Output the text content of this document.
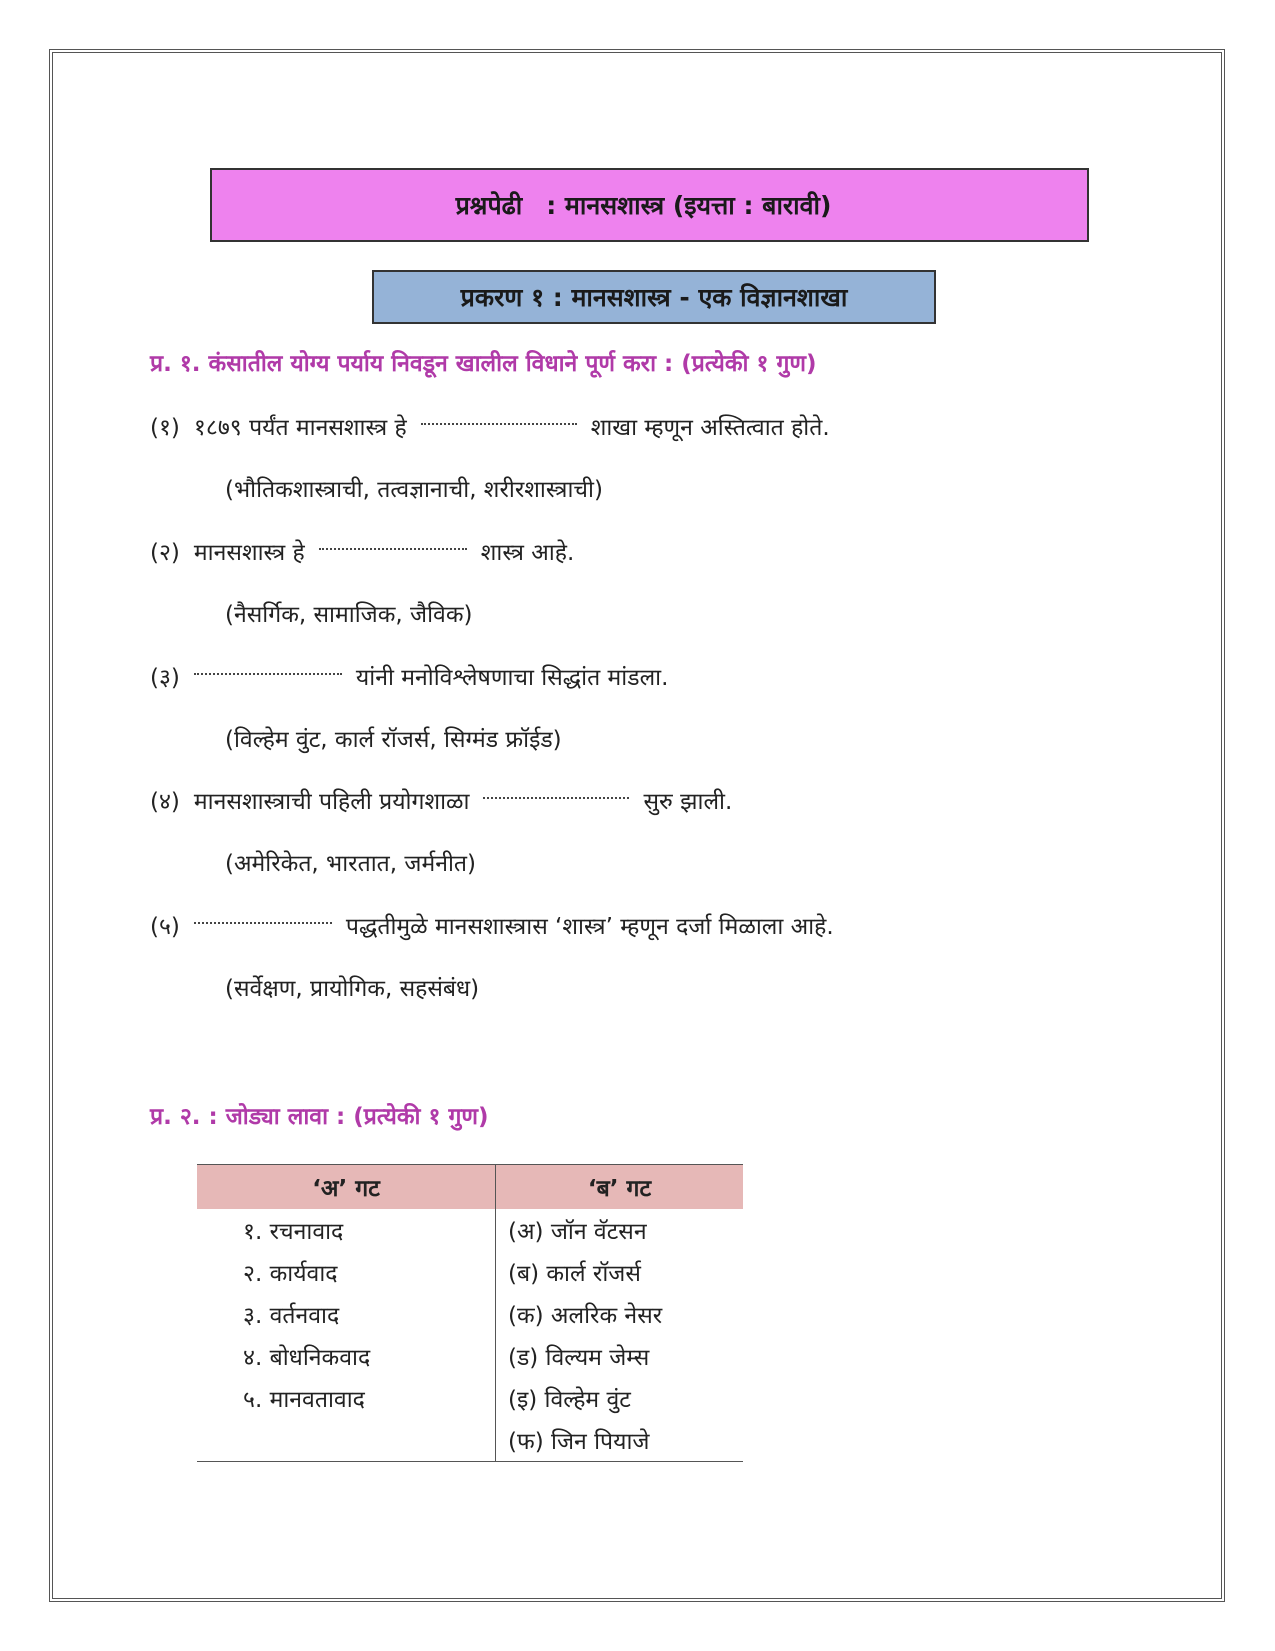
प्रश्नपेढी : मानसशास्त्र (इयत्ता : बारावी)
प्रकरण १ : मानसशास्त्र - एक विज्ञानशाखा
प्र. १. कंसातील योग्य पर्याय निवडून खालील विधाने पूर्ण करा : (प्रत्येकी १ गुण)
(१) १८७९ पर्यंत मानसशास्त्र हे	शाखा म्हणून अस्तित्वात होते.
(भौतिकशास्त्राची, तत्वज्ञानाची, शरीरशास्त्राची)
(२) मानसशास्त्र हे	शास्त्र आहे.
(नैसर्गिक, सामाजिक, जैविक)
(३)	यांनी मनोविश्लेषणाचा सिद्धांत मांडला.
(विल्हेम वुंट, कार्ल रॉजर्स, सिग्मंड फ्रॉईड)
(४) मानसशास्त्राची पहिली प्रयोगशाळा	सुरु झाली.
(अमेरिकेत, भारतात, जर्मनीत)
(५)	पद्धतीमुळे मानसशास्त्रास ‘शास्त्र’ म्हणून दर्जा मिळाला आहे.
(सर्वेक्षण, प्रायोगिक, सहसंबंध)
प्र. २. : जोड्या लावा : (प्रत्येकी १ गुण)
‘अ’ गट	‘ब’ गट
१. रचनावाद	(अ) जॉन वॅटसन
२. कार्यवाद	(ब) कार्ल रॉजर्स
३. वर्तनवाद	(क) अलरिक नेसर
४. बोधनिकवाद	(ड) विल्यम जेम्स
५. मानवतावाद	(इ) विल्हेम वुंट
	(फ) जिन पियाजे
